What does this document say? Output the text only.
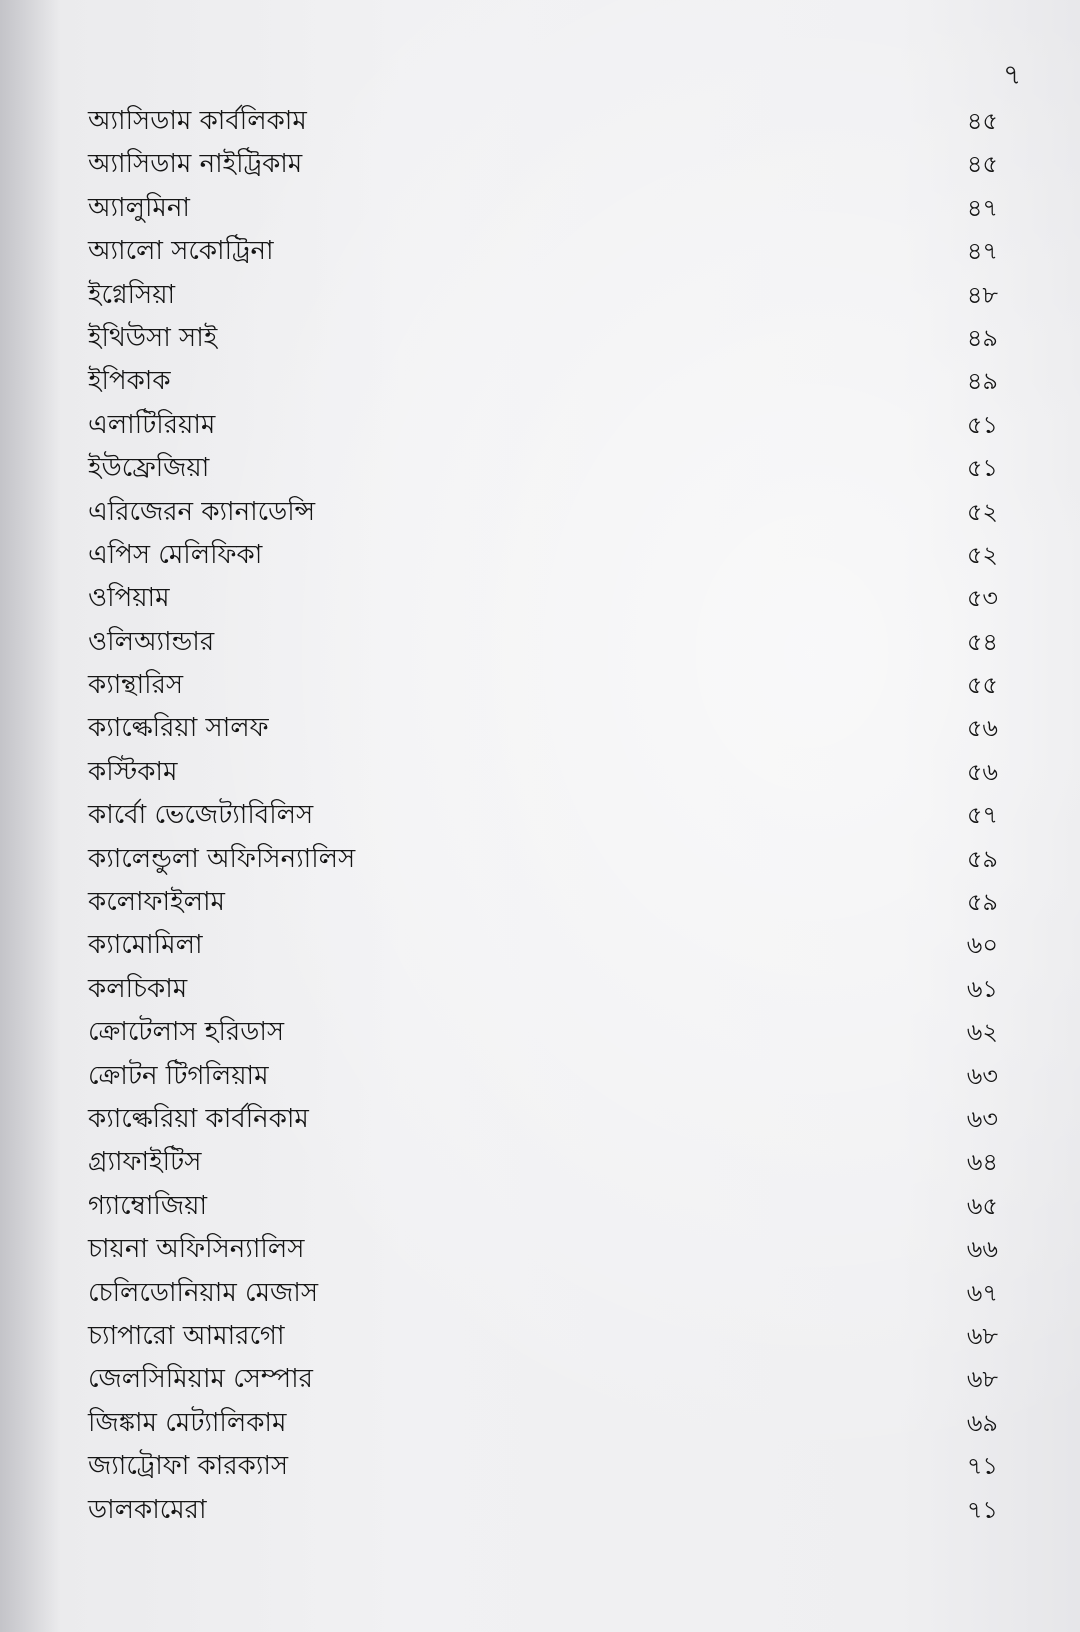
৭
অ্যাসিডাম কার্বলিকাম	৪৫
অ্যাসিডাম নাইট্রিকাম	৪৫
অ্যালুমিনা	৪৭
অ্যালো সকোট্রিনা	৪৭
ইগ্নেসিয়া	৪৮
ইথিউসা সাই	৪৯
ইপিকাক	৪৯
এলাটিরিয়াম	৫১
ইউফ্রেজিয়া	৫১
এরিজেরন ক্যানাডেন্সি	৫২
এপিস মেলিফিকা	৫২
ওপিয়াম	৫৩
ওলিঅ্যান্ডার	৫৪
ক্যান্থারিস	৫৫
ক্যাল্কেরিয়া সালফ	৫৬
কস্টিকাম	৫৬
কার্বো ভেজেট্যাবিলিস	৫৭
ক্যালেন্ডুলা অফিসিন্যালিস	৫৯
কলোফাইলাম	৫৯
ক্যামোমিলা	৬০
কলচিকাম	৬১
ক্রোটেলাস হরিডাস	৬২
ক্রোটন টিগলিয়াম	৬৩
ক্যাল্কেরিয়া কার্বনিকাম	৬৩
গ্র্যাফাইটিস	৬৪
গ্যাম্বোজিয়া	৬৫
চায়না অফিসিন্যালিস	৬৬
চেলিডোনিয়াম মেজাস	৬৭
চ্যাপারো আমারগো	৬৮
জেলসিমিয়াম সেম্পার	৬৮
জিঙ্কাম মেট্যালিকাম	৬৯
জ্যাট্রোফা কারক্যাস	৭১
ডালকামেরা	৭১
